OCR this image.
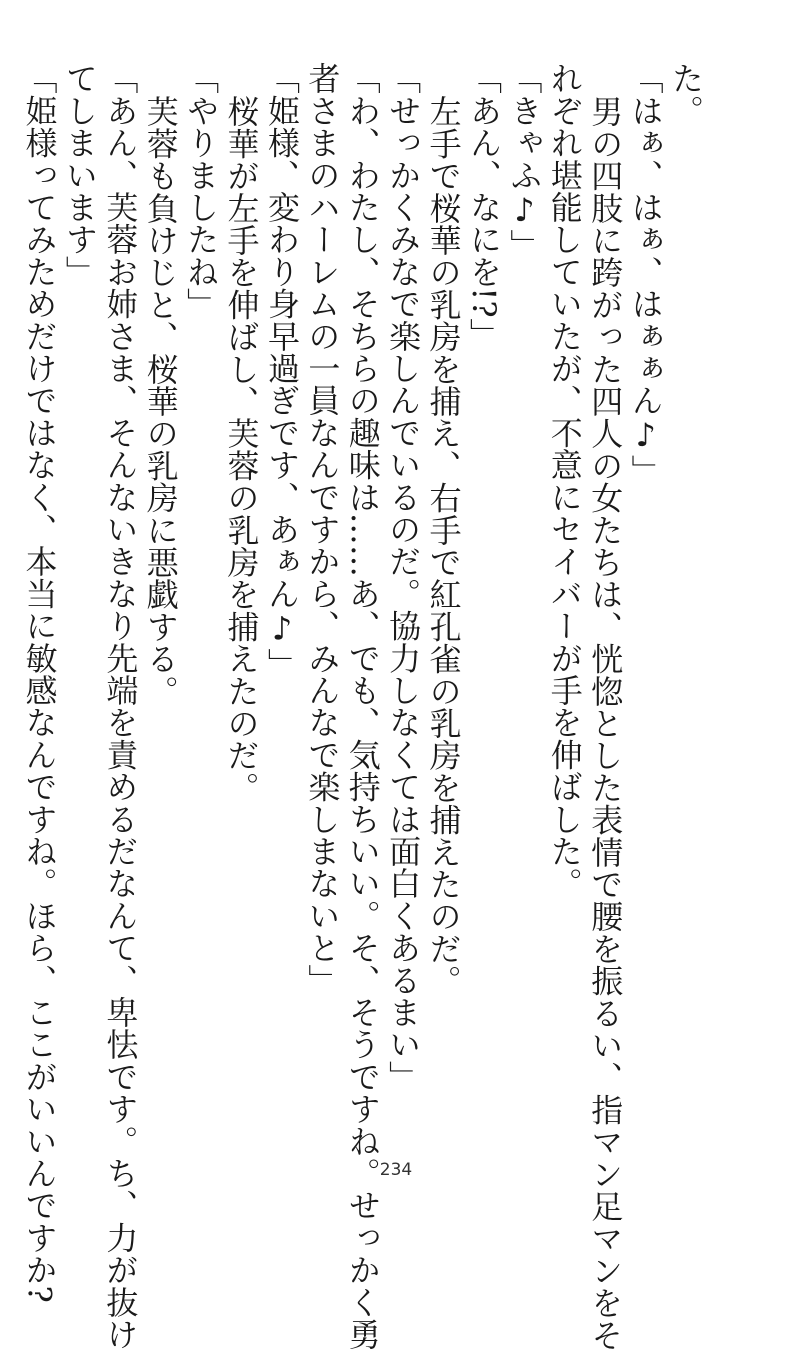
た。
「はぁ、はぁ、はぁぁん♪」
男の四肢に跨がった四人の女たちは、恍惚とした表情で腰を振るい、指マン足マンをそ
れぞれ堪能していたが、不意にセイバーが手を伸ばした。
「きゃふ♪」
「あん、なにを!?」
左手で桜華の乳房を捕え、右手で紅孔雀の乳房を捕えたのだ。
「せっかくみなで楽しんでいるのだ。協力しなくては面白くあるまい」
「わ、わたし、そちらの趣味は……あ、でも、気持ちいい。そ、そうですね。せっかく勇
者さまのハーレムの一員なんですから、みんなで楽しまないと」
「姫様、変わり身早過ぎです、あぁん♪」
桜華が左手を伸ばし、芙蓉の乳房を捕えたのだ。
「やりましたね」
芙蓉も負けじと、桜華の乳房に悪戯する。
「あん、芙蓉お姉さま、そんないきなり先端を責めるだなんて、卑怯です。ち、力が抜け
てしまいます」
「姫様ってみためだけではなく、本当に敏感なんですね。ほら、ここがいいんですか?	234
